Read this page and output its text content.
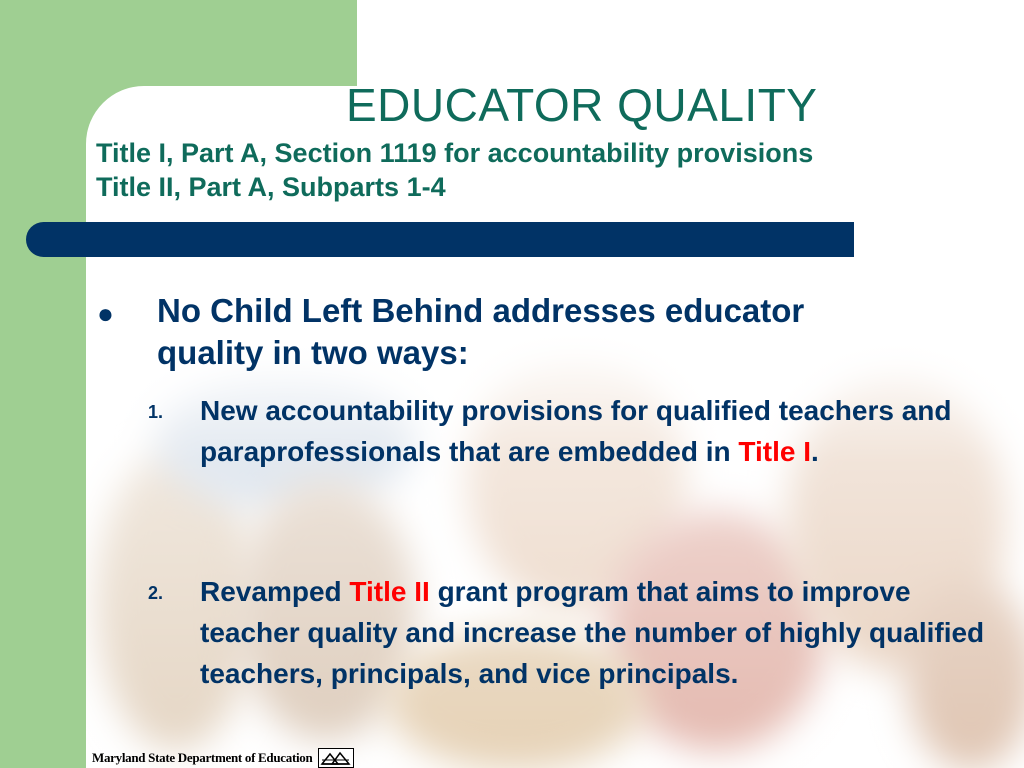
EDUCATOR QUALITY
Title I, Part A, Section 1119 for accountability provisions
Title II, Part A, Subparts 1-4
● No Child Left Behind addresses educator
quality in two ways:

1. New accountability provisions for qualified teachers and paraprofessionals that are embedded in Title I.

2. Revamped Title II grant program that aims to improve teacher quality and increase the number of highly qualified teachers, principals, and vice principals.

Maryland State Department of Education
